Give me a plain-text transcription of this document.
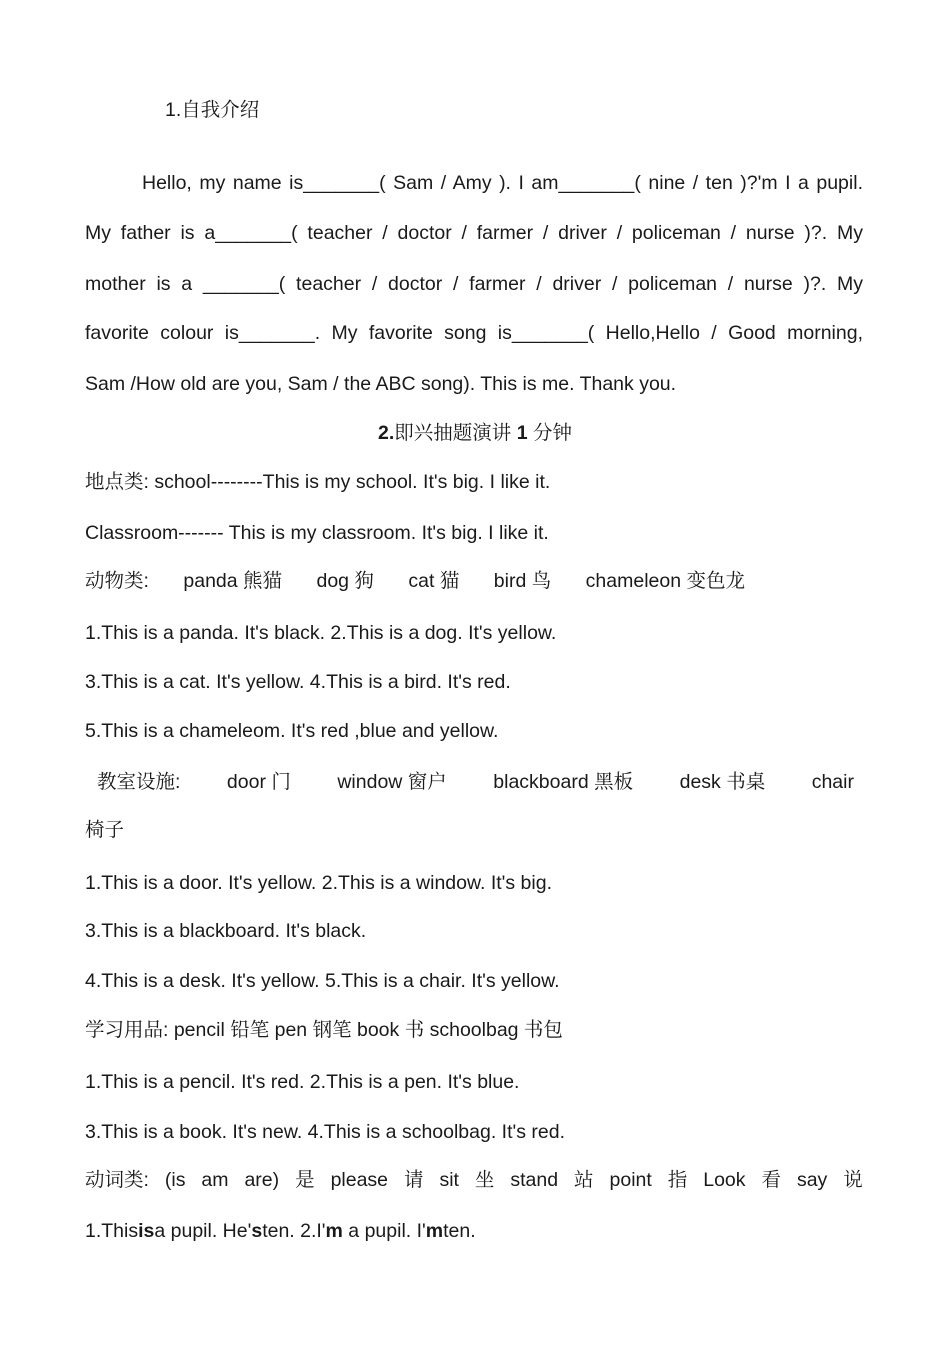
1.自我介绍
Hello, my name is_______( Sam / Amy ). I am_______( nine / ten )?'m I a pupil.
My father is a_______( teacher / doctor / farmer / driver / policeman / nurse )?. My
mother is a _______( teacher / doctor / farmer / driver / policeman / nurse )?. My
favorite colour is_______. My favorite song is_______( Hello,Hello / Good morning,
Sam /How old are you, Sam / the ABC song). This is me. Thank you.
2.即兴抽题演讲 1 分钟
地点类: school--------This is my school. It's big. I like it.
Classroom------- This is my classroom. It's big. I like it.
动物类: panda 熊猫 dog 狗 cat 猫 bird 鸟 chameleon 变色龙
1.This is a panda. It's black. 2.This is a dog. It's yellow.
3.This is a cat. It's yellow. 4.This is a bird. It's red.
5.This is a chameleom. It's red ,blue and yellow.
教室设施: door 门 window 窗户 blackboard 黑板 desk 书桌 chair
椅子
1.This is a door. It's yellow. 2.This is a window. It's big.
3.This is a blackboard. It's black.
4.This is a desk. It's yellow. 5.This is a chair. It's yellow.
学习用品: pencil 铅笔 pen 钢笔 book 书 schoolbag 书包
1.This is a pencil. It's red. 2.This is a pen. It's blue.
3.This is a book. It's new. 4.This is a schoolbag. It's red.
动词类: (is am are) 是 please 请 sit 坐 stand 站 point 指 Look 看 say 说
1.Thisisa pupil. He'sten. 2.I'm a pupil. I'mten.
